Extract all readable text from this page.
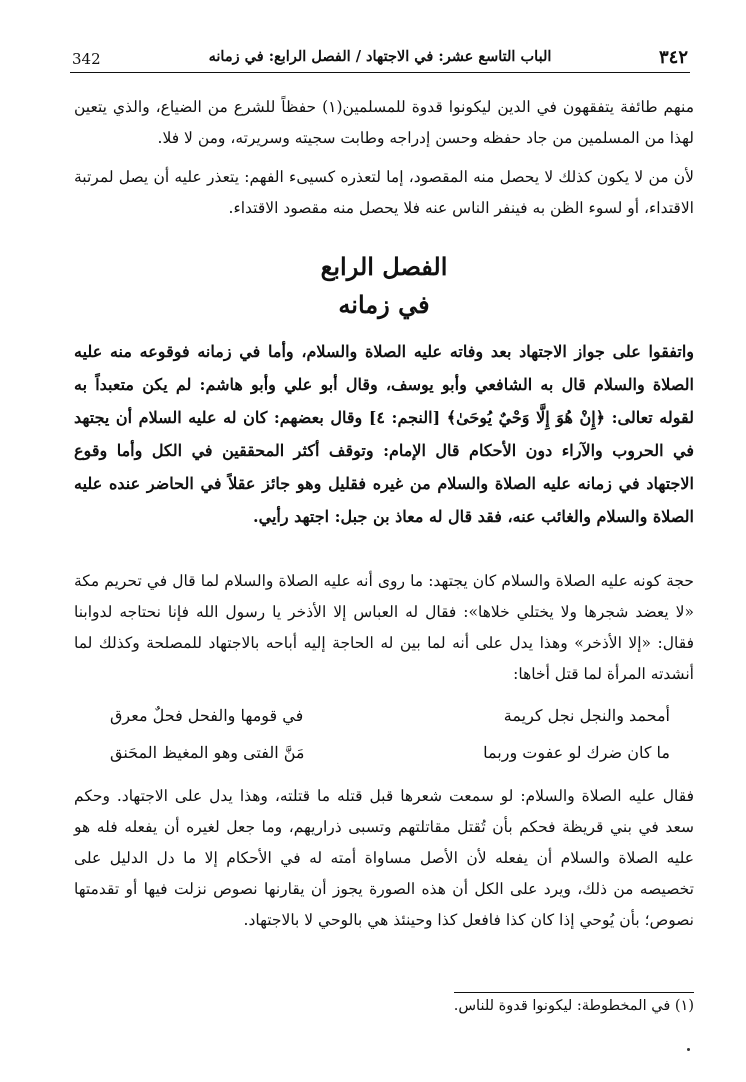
342	الباب التاسع عشر: في الاجتهاد / الفصل الرابع: في زمانه	٣٤٢

منهم طائفة يتفقهون في الدين ليكونوا قدوة للمسلمين(١) حفظاً للشرع من الضياع، والذي يتعين لهذا من المسلمين من جاد حفظه وحسن إدراجه وطابت سجيته وسريرته، ومن لا فلا.

لأن من لا يكون كذلك لا يحصل منه المقصود، إما لتعذره كسيىء الفهم: يتعذر عليه أن يصل لمرتبة الاقتداء، أو لسوء الظن به فينفر الناس عنه فلا يحصل منه مقصود الاقتداء.

الفصل الرابع
في زمانه

واتفقوا على جواز الاجتهاد بعد وفاته عليه الصلاة والسلام، وأما في زمانه فوقوعه منه عليه الصلاة والسلام قال به الشافعي وأبو يوسف، وقال أبو علي وأبو هاشم: لم يكن متعبداً به لقوله تعالى: ﴿إِنْ هُوَ إِلَّا وَحْيٌ يُوحَىٰ﴾ [النجم: ٤] وقال بعضهم: كان له عليه السلام أن يجتهد في الحروب والآراء دون الأحكام قال الإمام: وتوقف أكثر المحققين في الكل وأما وقوع الاجتهاد في زمانه عليه الصلاة والسلام من غيره فقليل وهو جائز عقلاً في الحاضر عنده عليه الصلاة والسلام والغائب عنه، فقد قال له معاذ بن جبل: اجتهد رأيي.

حجة كونه عليه الصلاة والسلام كان يجتهد: ما روى أنه عليه الصلاة والسلام لما قال في تحريم مكة «لا يعضد شجرها ولا يختلي خلاها»: فقال له العباس إلا الأذخر يا رسول الله فإنا نحتاجه لدوابنا فقال: «إلا الأذخر» وهذا يدل على أنه لما بين له الحاجة إليه أباحه بالاجتهاد للمصلحة وكذلك لما أنشدته المرأة لما قتل أخاها:

أمحمد والنجل نجل كريمة
في قومها والفحل فحلٌ معرق
ما كان ضرك لو عفوت وربما
مَنَّ الفتى وهو المغيظ المحَنق

فقال عليه الصلاة والسلام: لو سمعت شعرها قبل قتله ما قتلته، وهذا يدل على الاجتهاد. وحكم سعد في بني قريظة فحكم بأن تُقتل مقاتلتهم وتسبى ذراريهم، وما جعل لغيره أن يفعله فله هو عليه الصلاة والسلام أن يفعله لأن الأصل مساواة أمته له في الأحكام إلا ما دل الدليل على تخصيصه من ذلك، ويرد على الكل أن هذه الصورة يجوز أن يقارنها نصوص نزلت فيها أو تقدمتها نصوص؛ بأن يُوحي إذا كان كذا فافعل كذا وحينئذ هي بالوحي لا بالاجتهاد.

(١) في المخطوطة: ليكونوا قدوة للناس.
